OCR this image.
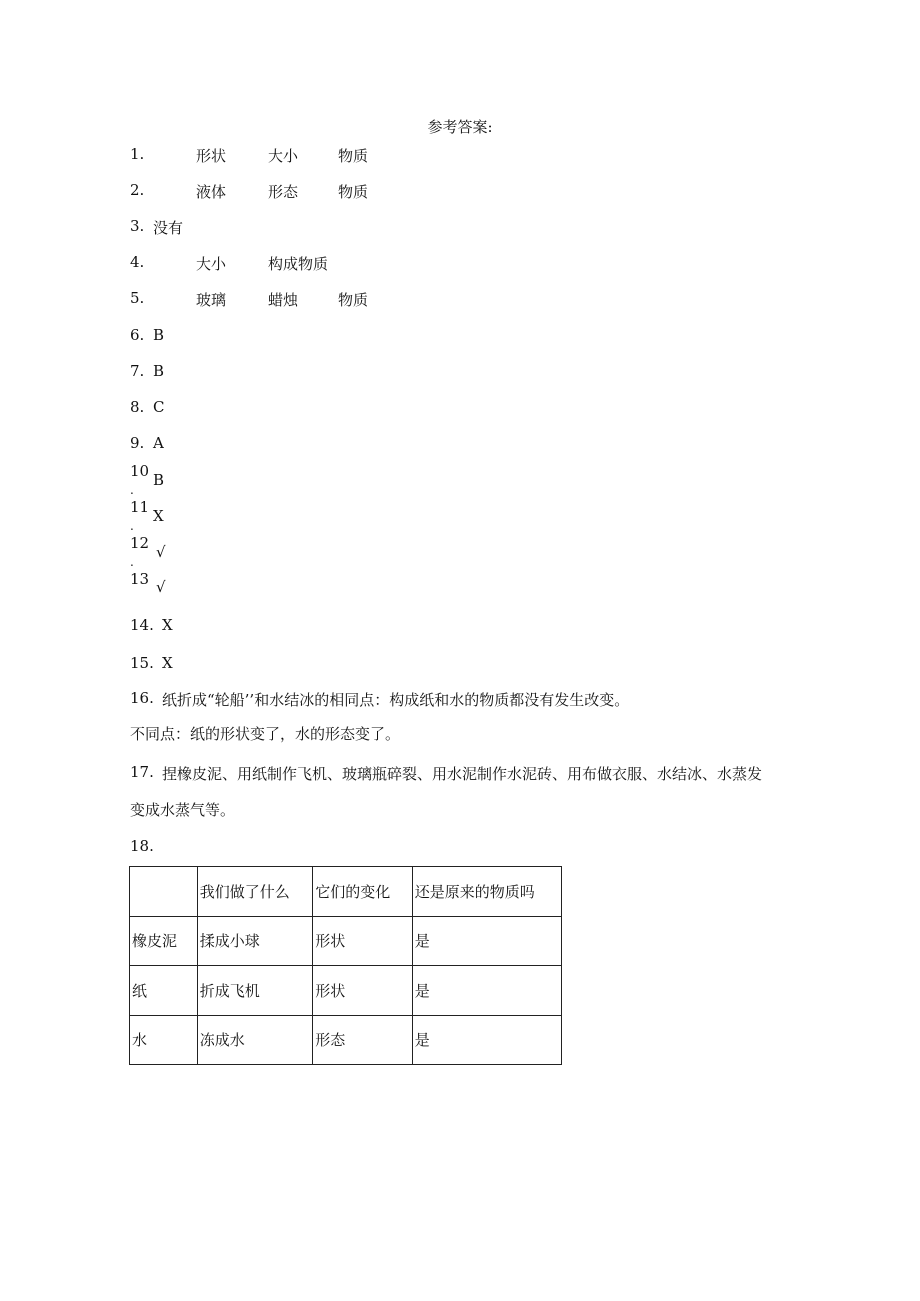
参考答案:
1.	形状	大小	物质
2.	液体	形态	物质
3. 没有
4.	大小	构成物质
5.	玻璃	蜡烛	物质
6. B
7. B
8. C
9. A
10
.
B
11
.
X
12
.
√
13 √
14. X
15. X
16. 纸折成“轮船’’和水结冰的相同点：构成纸和水的物质都没有发生改变。
不同点：纸的形状变了，水的形态变了。
17. 捏橡皮泥、用纸制作飞机、玻璃瓶碎裂、用水泥制作水泥砖、用布做衣服、水结冰、水蒸发
变成水蒸气等。
18.
	我们做了什么	它们的变化	还是原来的物质吗
橡皮泥	揉成小球	形状	是
纸	折成飞机	形状	是
水	冻成水	形态	是
